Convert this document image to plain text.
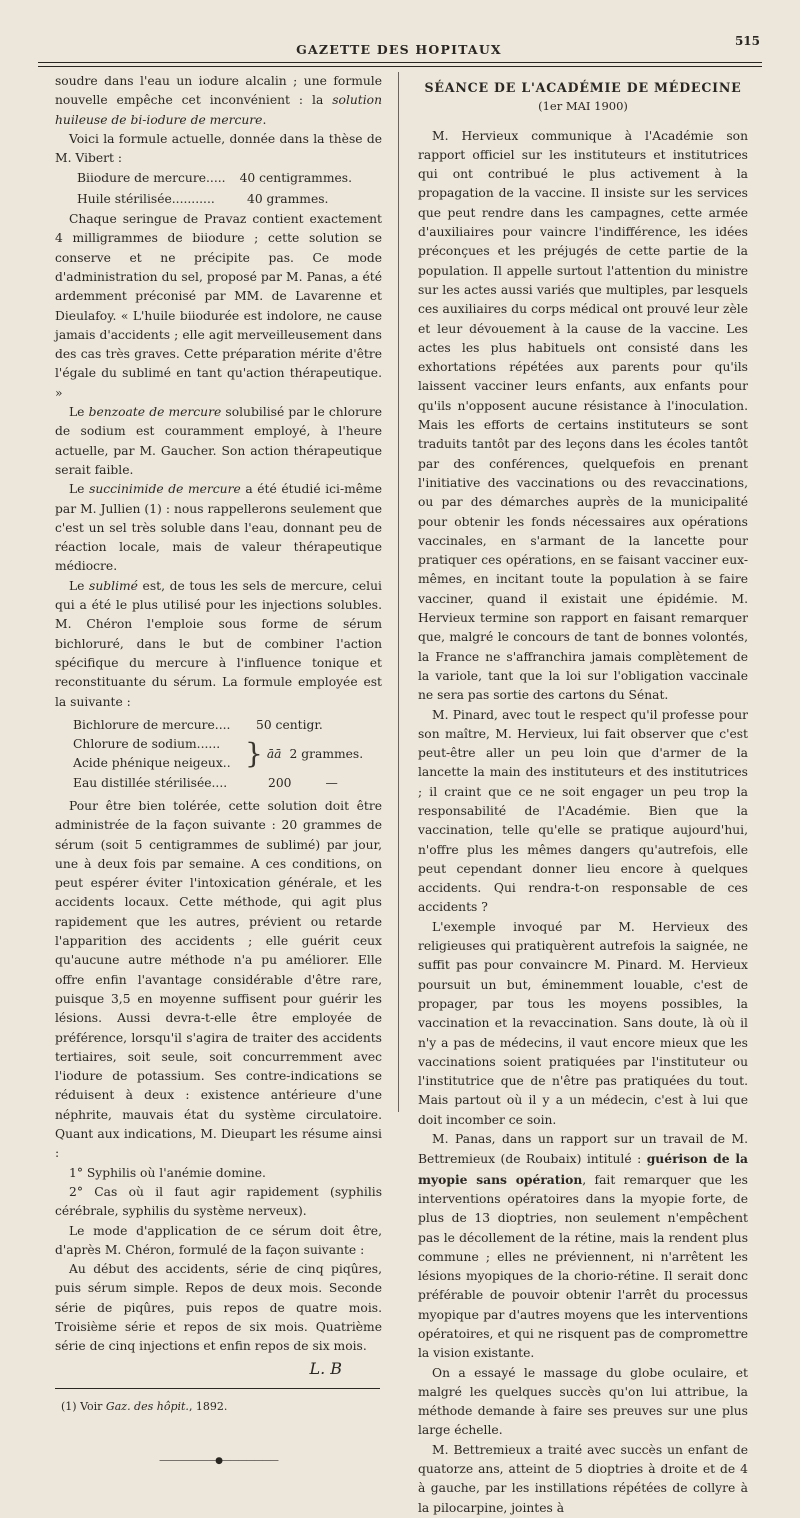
GAZETTE DES HOPITAUX
515

soudre dans l'eau un iodure alcalin ; une formule nouvelle empêche cet inconvénient : la solution huileuse de bi-iodure de mercure.

Voici la formule actuelle, donnée dans la thèse de M. Vibert :

Biiodure de mercure..... 40 centigrammes.
Huile stérilisée...........	40 grammes.

Chaque seringue de Pravaz contient exactement 4 milligrammes de biiodure ; cette solution se conserve et ne précipite pas. Ce mode d'administration du sel, proposé par M. Panas, a été ardemment préconisé par MM. de Lavarenne et Dieulafoy. « L'huile biiodurée est indolore, ne cause jamais d'accidents ; elle agit merveilleusement dans des cas très graves. Cette préparation mérite d'être l'égale du sublimé en tant qu'action thérapeutique. »

Le benzoate de mercure solubilisé par le chlorure de sodium est couramment employé, à l'heure actuelle, par M. Gaucher. Son action thérapeutique serait faible.

Le succinimide de mercure a été étudié ici-même par M. Jullien (1) : nous rappellerons seulement que c'est un sel très soluble dans l'eau, donnant peu de réaction locale, mais de valeur thérapeutique médiocre.

Le sublimé est, de tous les sels de mercure, celui qui a été le plus utilisé pour les injections solubles. M. Chéron l'emploie sous forme de sérum bichloruré, dans le but de combiner l'action spécifique du mercure à l'influence tonique et reconstituante du sérum. La formule employée est la suivante :

Bichlorure de mercure....	50 centigr.
Chlorure de sodium......
Acide phénique neigeux.. } āā 2 grammes.
Eau distillée stérilisée....	200	—

Pour être bien tolérée, cette solution doit être administrée de la façon suivante : 20 grammes de sérum (soit 5 centigrammes de sublimé) par jour, une à deux fois par semaine. A ces conditions, on peut espérer éviter l'intoxication générale, et les accidents locaux. Cette méthode, qui agit plus rapidement que les autres, prévient ou retarde l'apparition des accidents ; elle guérit ceux qu'aucune autre méthode n'a pu améliorer. Elle offre enfin l'avantage considérable d'être rare, puisque 3,5 en moyenne suffisent pour guérir les lésions. Aussi devra-t-elle être employée de préférence, lorsqu'il s'agira de traiter des accidents tertiaires, soit seule, soit concurremment avec l'iodure de potassium. Ses contre-indications se réduisent à deux : existence antérieure d'une néphrite, mauvais état du système circulatoire. Quant aux indications, M. Dieupart les résume ainsi :

1° Syphilis où l'anémie domine.

2° Cas où il faut agir rapidement (syphilis cérébrale, syphilis du système nerveux).

Le mode d'application de ce sérum doit être, d'après M. Chéron, formulé de la façon suivante :

Au début des accidents, série de cinq piqûres, puis sérum simple. Repos de deux mois. Seconde série de piqûres, puis repos de quatre mois. Troisième série et repos de six mois. Quatrième série de cinq injections et enfin repos de six mois.

L. B
(1) Voir Gaz. des hôpit., 1892.
———————●———————
SÉANCE DE L'ACADÉMIE DE MÉDECINE
(1er MAI 1900)

M. Hervieux communique à l'Académie son rapport officiel sur les instituteurs et institutrices qui ont contribué le plus activement à la propagation de la vaccine. Il insiste sur les services que peut rendre dans les campagnes, cette armée d'auxiliaires pour vaincre l'indifférence, les idées préconçues et les préjugés de cette partie de la population. Il appelle surtout l'attention du ministre sur les actes aussi variés que multiples, par lesquels ces auxiliaires du corps médical ont prouvé leur zèle et leur dévouement à la cause de la vaccine. Les actes les plus habituels ont consisté dans les exhortations répétées aux parents pour qu'ils laissent vacciner leurs enfants, aux enfants pour qu'ils n'opposent aucune résistance à l'inoculation. Mais les efforts de certains instituteurs se sont traduits tantôt par des leçons dans les écoles tantôt par des conférences, quelquefois en prenant l'initiative des vaccinations ou des revaccinations, ou par des démarches auprès de la municipalité pour obtenir les fonds nécessaires aux opérations vaccinales, en s'armant de la lancette pour pratiquer ces opérations, en se faisant vacciner eux-mêmes, en incitant toute la population à se faire vacciner, quand il existait une épidémie. M. Hervieux termine son rapport en faisant remarquer que, malgré le concours de tant de bonnes volontés, la France ne s'affranchira jamais complètement de la variole, tant que la loi sur l'obligation vaccinale ne sera pas sortie des cartons du Sénat.

M. Pinard, avec tout le respect qu'il professe pour son maître, M. Hervieux, lui fait observer que c'est peut-être aller un peu loin que d'armer de la lancette la main des instituteurs et des institutrices ; il craint que ce ne soit engager un peu trop la responsabilité de l'Académie. Bien que la vaccination, telle qu'elle se pratique aujourd'hui, n'offre plus les mêmes dangers qu'autrefois, elle peut cependant donner lieu encore à quelques accidents. Qui rendra-t-on responsable de ces accidents ?

L'exemple invoqué par M. Hervieux des religieuses qui pratiquèrent autrefois la saignée, ne suffit pas pour convaincre M. Pinard. M. Hervieux poursuit un but, éminemment louable, c'est de propager, par tous les moyens possibles, la vaccination et la revaccination. Sans doute, là où il n'y a pas de médecins, il vaut encore mieux que les vaccinations soient pratiquées par l'instituteur ou l'institutrice que de n'être pas pratiquées du tout. Mais partout où il y a un médecin, c'est à lui que doit incomber ce soin.

M. Panas, dans un rapport sur un travail de M. Bettremieux (de Roubaix) intitulé : guérison de la myopie sans opération, fait remarquer que les interventions opératoires dans la myopie forte, de plus de 13 dioptries, non seulement n'empêchent pas le décollement de la rétine, mais la rendent plus commune ; elles ne préviennent, ni n'arrêtent les lésions myopiques de la chorio-rétine. Il serait donc préférable de pouvoir obtenir l'arrêt du processus myopique par d'autres moyens que les interventions opératoires, et qui ne risquent pas de compromettre la vision existante.

On a essayé le massage du globe oculaire, et malgré les quelques succès qu'on lui attribue, la méthode demande à faire ses preuves sur une plus large échelle.

M. Bettremieux a traité avec succès un enfant de quatorze ans, atteint de 5 dioptries à droite et de 4 à gauche, par les instillations répétées de collyre à la pilocarpine, jointes à
